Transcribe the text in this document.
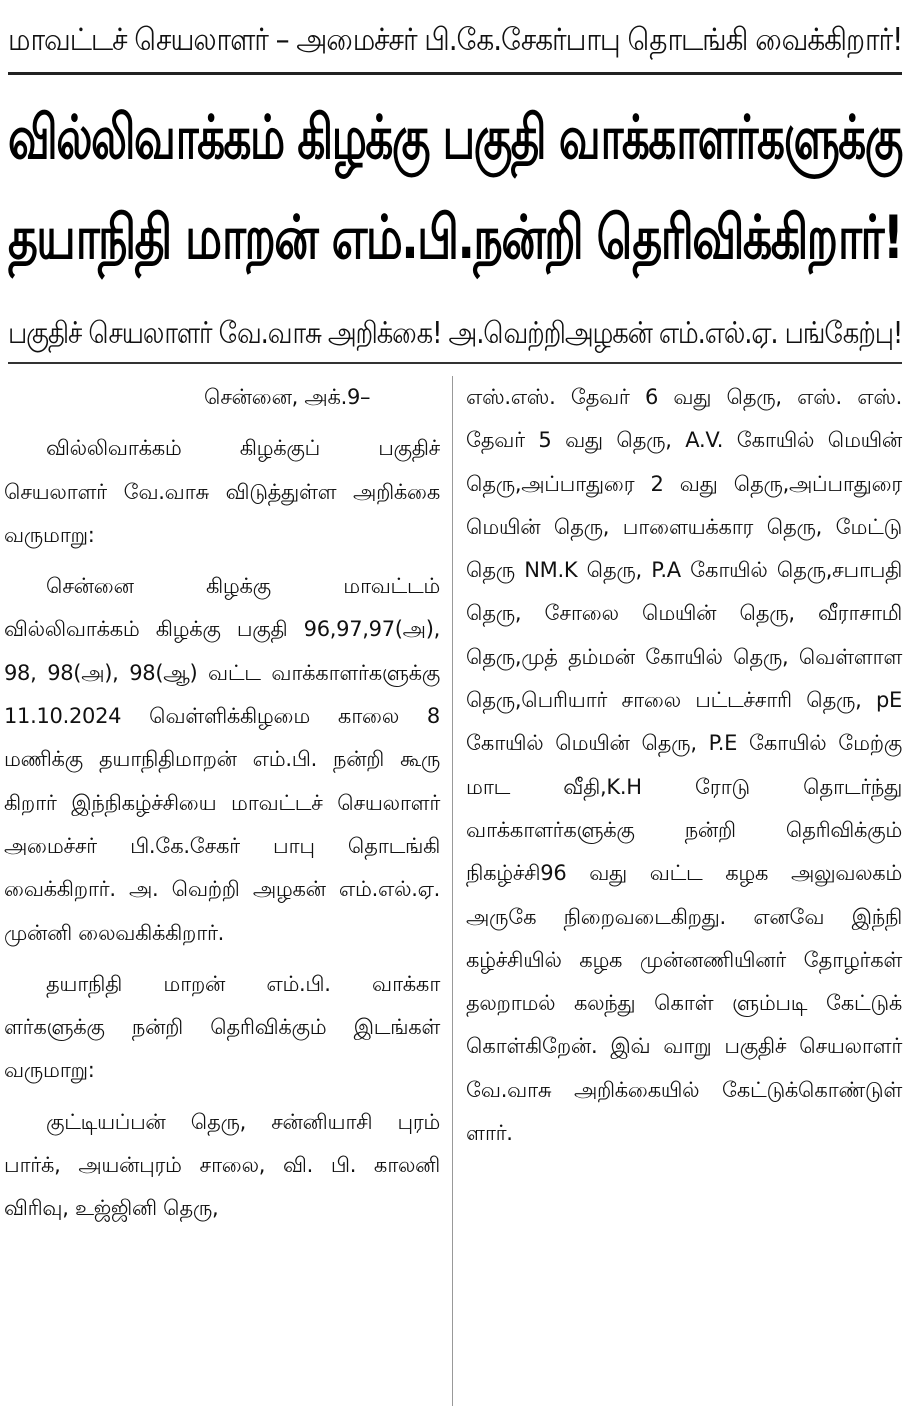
மாவட்டச் செயலாளர் – அமைச்சர் பி.கே.சேகர்பாபு தொடங்கி வைக்கிறார்!
வில்லிவாக்கம் கிழக்கு பகுதி வாக்காளர்களுக்கு
தயாநிதி மாறன் எம்.பி.நன்றி தெரிவிக்கிறார்!
பகுதிச் செயலாளர் வே.வாசு அறிக்கை! அ.வெற்றிஅழகன் எம்.எல்.ஏ. பங்கேற்பு!

சென்னை, அக்.9–

வில்லிவாக்கம் கிழக்குப் பகுதிச் செயலாளர் வே.வாசு விடுத்துள்ள அறிக்கை வருமாறு:

சென்னை கிழக்கு மாவட்டம் வில்லிவாக்கம் கிழக்கு பகுதி 96,97,97(அ), 98, 98(அ), 98(ஆ) வட்ட வாக்காளர்களுக்கு 11.10.2024 வெள்ளிக்கிழமை காலை 8 மணிக்கு தயாநிதிமாறன் எம்.பி. நன்றி கூரு கிறார் இந்நிகழ்ச்சியை மாவட்டச் செயலாளர் அமைச்சர் பி.கே.சேகர் பாபு தொடங்கி வைக்கிறார். அ. வெற்றி அழகன் எம்.எல்.ஏ. முன்னி லைவகிக்கிறார்.

தயாநிதி மாறன் எம்.பி. வாக்கா ளர்களுக்கு நன்றி தெரிவிக்கும் இடங்கள் வருமாறு:

குட்டியப்பன் தெரு, சன்னியாசி புரம் பார்க், அயன்புரம் சாலை, வி. பி. காலனி விரிவு, உஜ்ஜினி தெரு,

எஸ்.எஸ். தேவர் 6 வது தெரு, எஸ். எஸ். தேவர் 5 வது தெரு, A.V. கோயில் மெயின் தெரு,அப்பாதுரை 2 வது தெரு,அப்பாதுரை மெயின் தெரு, பாளையக்கார தெரு, மேட்டு தெரு NM.K தெரு, P.A கோயில் தெரு,சபாபதி தெரு, சோலை மெயின் தெரு, வீராசாமி தெரு,முத் தம்மன் கோயில் தெரு, வெள்ளாள தெரு,பெரியார் சாலை பட்டச்சாரி தெரு, pE கோயில் மெயின் தெரு, P.E கோயில் மேற்கு மாட வீதி,K.H ரோடு தொடர்ந்து வாக்காளர்களுக்கு நன்றி தெரிவிக்கும் நிகழ்ச்சி96 வது வட்ட கழக அலுவலகம் அருகே நிறைவடைகிறது. எனவே இந்நி கழ்ச்சியில் கழக முன்னணியினர் தோழர்கள் தலறாமல் கலந்து கொள் ளும்படி கேட்டுக் கொள்கிறேன். இவ் வாறு பகுதிச் செயலாளர் வே.வாசு அறிக்கையில் கேட்டுக்கொண்டுள் ளார்.
